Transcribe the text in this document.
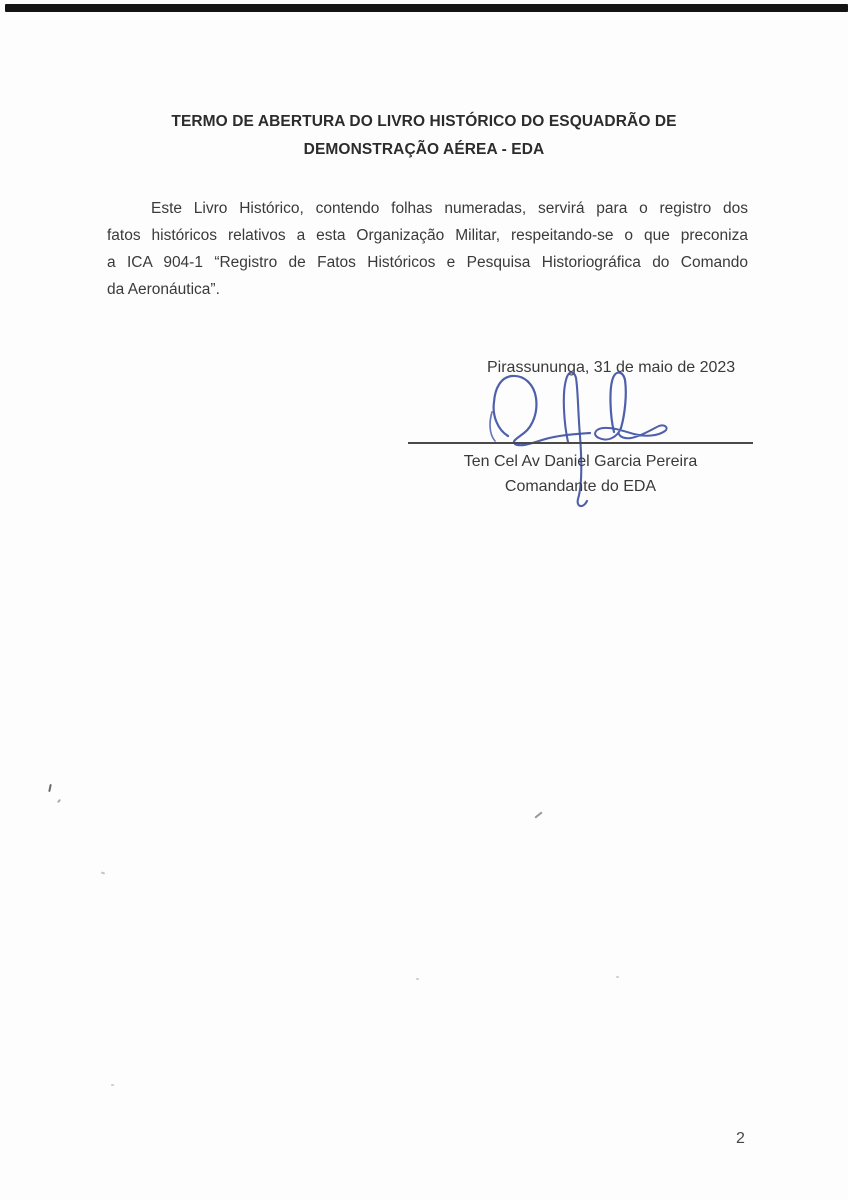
TERMO DE ABERTURA DO LIVRO HISTÓRICO DO ESQUADRÃO DE
DEMONSTRAÇÃO AÉREA - EDA
Este Livro Histórico, contendo folhas numeradas, servirá para o registro dos
fatos históricos relativos a esta Organização Militar, respeitando-se o que preconiza
a ICA 904-1 “Registro de Fatos Históricos e Pesquisa Historiográfica do Comando
da Aeronáutica”.
Pirassununga, 31 de maio de 2023
Ten Cel Av Daniel Garcia Pereira
Comandante do EDA
2
